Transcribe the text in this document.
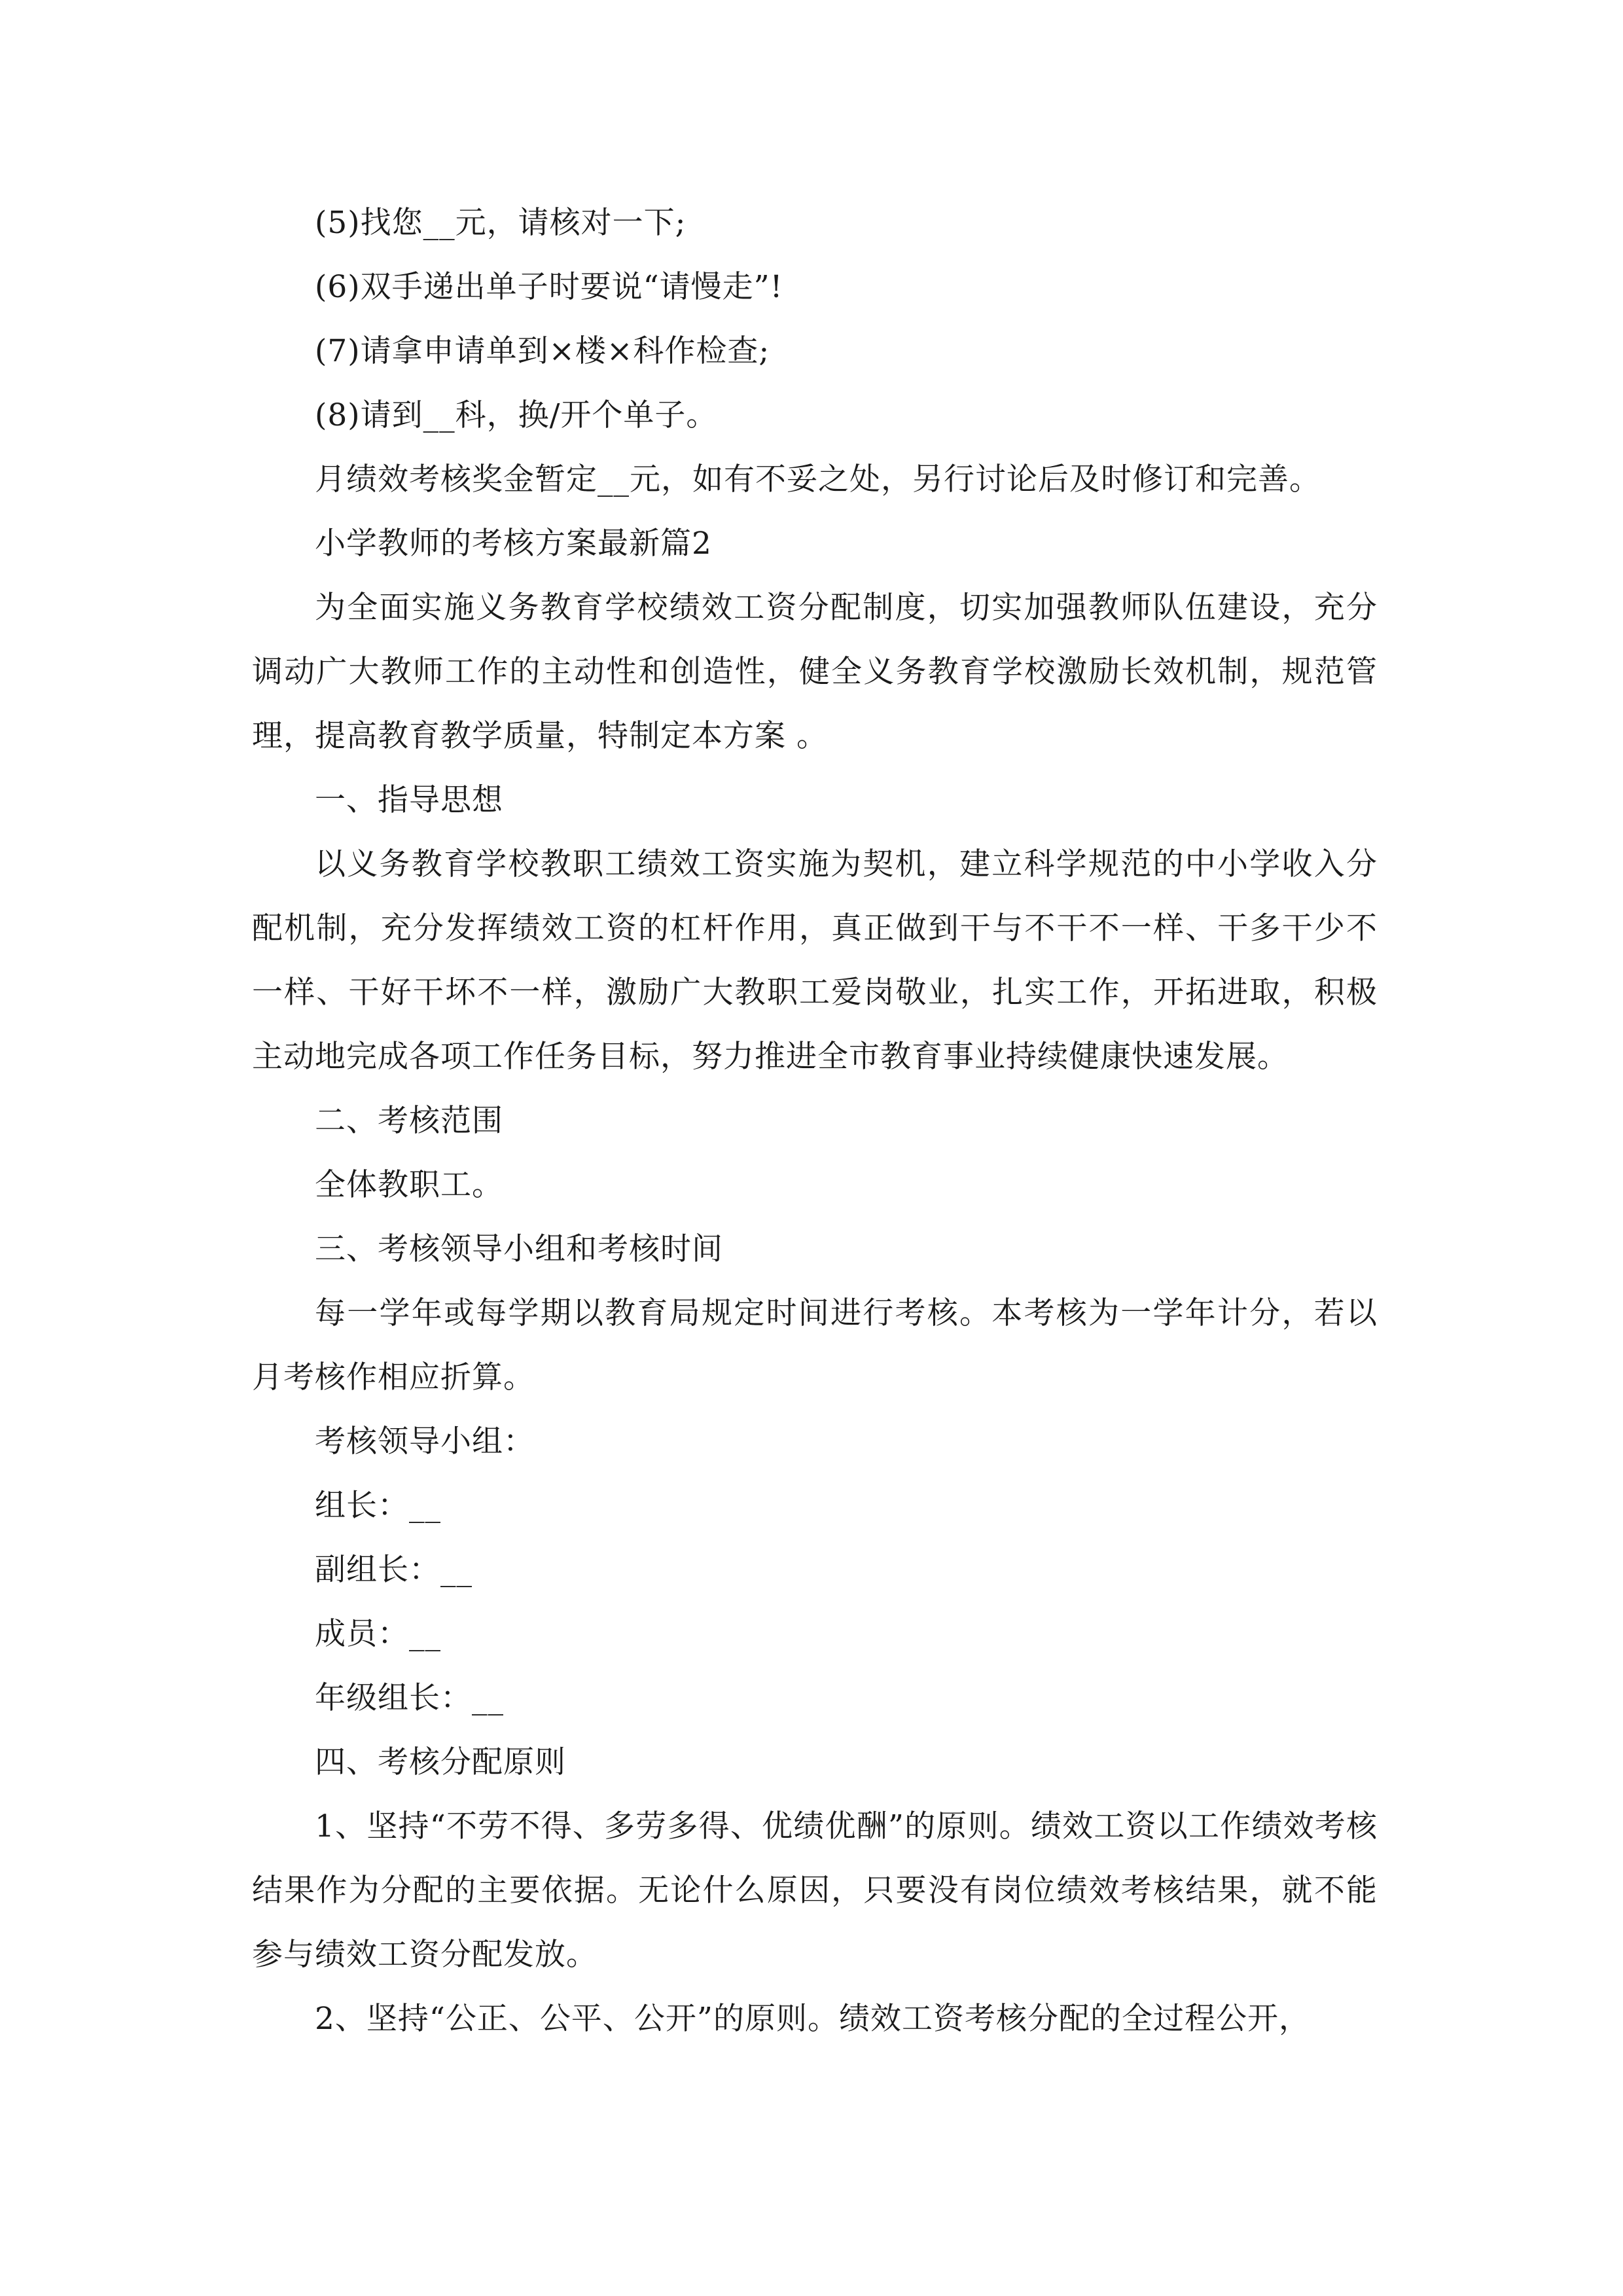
(5)找您__元，请核对一下;

(6)双手递出单子时要说“请慢走”!

(7)请拿申请单到×楼×科作检查;

(8)请到__科，换/开个单子。

月绩效考核奖金暂定__元，如有不妥之处，另行讨论后及时修订和完善。

小学教师的考核方案最新篇2

为全面实施义务教育学校绩效工资分配制度，切实加强教师队伍建设，充分调动广大教师工作的主动性和创造性，健全义务教育学校激励长效机制，规范管理，提高教育教学质量，特制定本方案 。

一、指导思想

以义务教育学校教职工绩效工资实施为契机，建立科学规范的中小学收入分配机制，充分发挥绩效工资的杠杆作用，真正做到干与不干不一样、干多干少不一样、干好干坏不一样，激励广大教职工爱岗敬业，扎实工作，开拓进取，积极主动地完成各项工作任务目标，努力推进全市教育事业持续健康快速发展。

二、考核范围

全体教职工。

三、考核领导小组和考核时间

每一学年或每学期以教育局规定时间进行考核。本考核为一学年计分，若以月考核作相应折算。

考核领导小组：

组长：__

副组长：__

成员：__

年级组长：__

四、考核分配原则

1、坚持“不劳不得、多劳多得、优绩优酬”的原则。绩效工资以工作绩效考核结果作为分配的主要依据。无论什么原因，只要没有岗位绩效考核结果，就不能参与绩效工资分配发放。

2、坚持“公正、公平、公开”的原则。绩效工资考核分配的全过程公开，
